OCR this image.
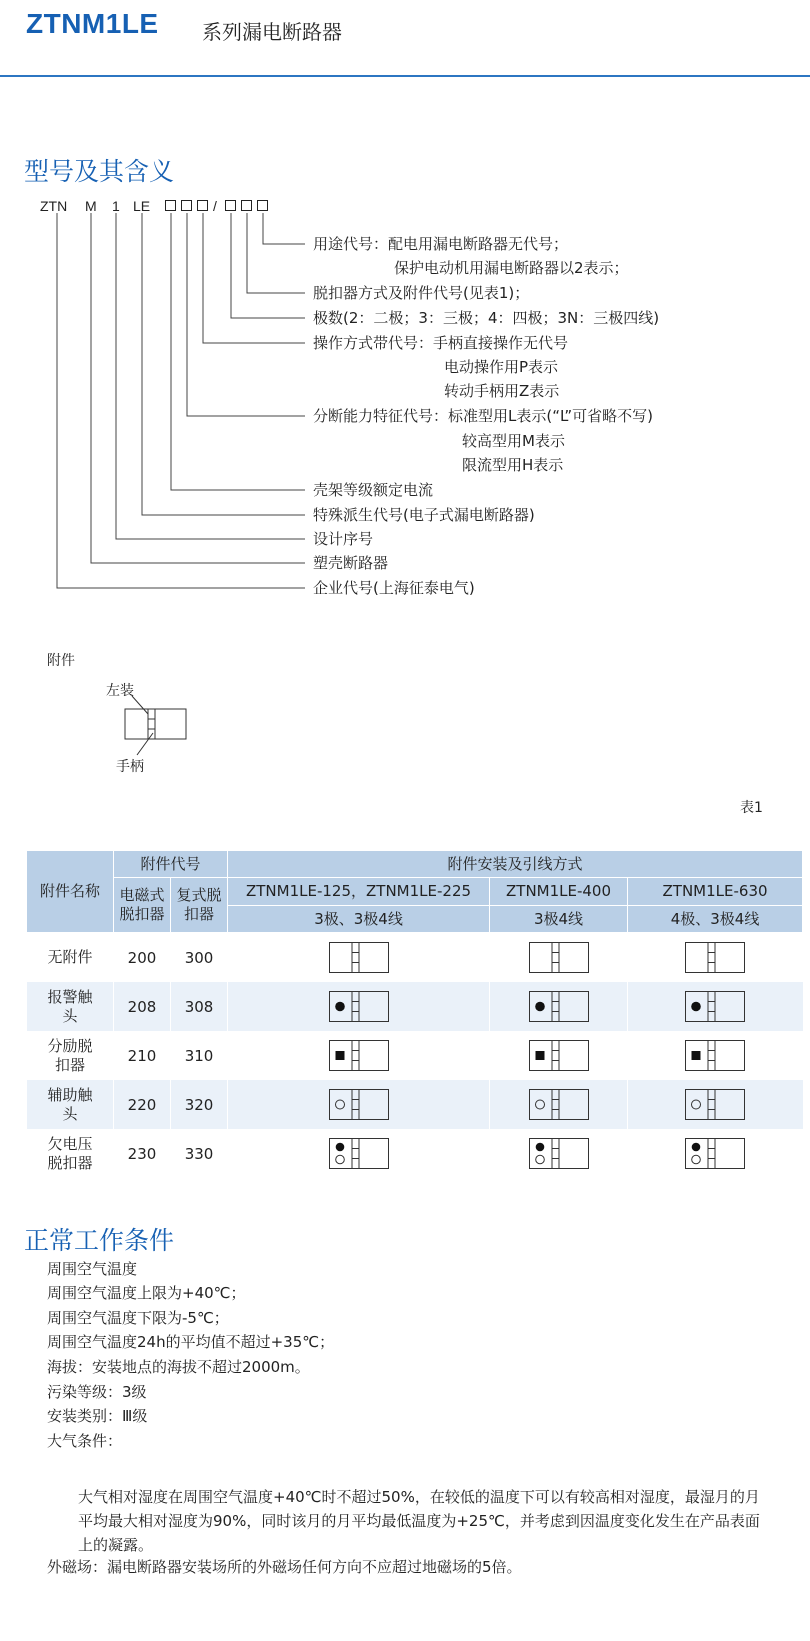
ZTNM1LE 系列漏电断路器
型号及其含义
ZTN M 1 LE	/
用途代号：配电用漏电断路器无代号；
保护电动机用漏电断路器以2表示；
脱扣器方式及附件代号(见表1)；
极数(2：二极；3：三极；4：四极；3N：三极四线)
操作方式带代号：手柄直接操作无代号
电动操作用P表示
转动手柄用Z表示
分断能力特征代号：标准型用L表示(“L”可省略不写)
较高型用M表示
限流型用H表示
壳架等级额定电流
特殊派生代号(电子式漏电断路器)
设计序号
塑壳断路器
企业代号(上海征泰电气)
附件
左装
手柄
表1
附件名称	附件代号		附件安装及引线方式		
	电磁式脱扣器	复式脱扣器	ZTNM1LE-125，ZTNM1LE-225	ZTNM1LE-400	ZTNM1LE-630
			3极、3极4线	3极4线	4极、3极4线
无附件	200	300			
报警触头	208	308			
分励脱扣器	210	310			
辅助触头	220	320			
欠电压脱扣器	230	330			
正常工作条件
周围空气温度
周围空气温度上限为+40℃；
周围空气温度下限为-5℃；
周围空气温度24h的平均值不超过+35℃；
海拔：安装地点的海拔不超过2000m。
污染等级：3级
安装类别：Ⅲ级
大气条件：
大气相对湿度在周围空气温度+40℃时不超过50%，在较低的温度下可以有较高相对湿度，最湿月的月平均最大相对湿度为90%，同时该月的月平均最低温度为+25℃，并考虑到因温度变化发生在产品表面上的凝露。
外磁场：漏电断路器安装场所的外磁场任何方向不应超过地磁场的5倍。
